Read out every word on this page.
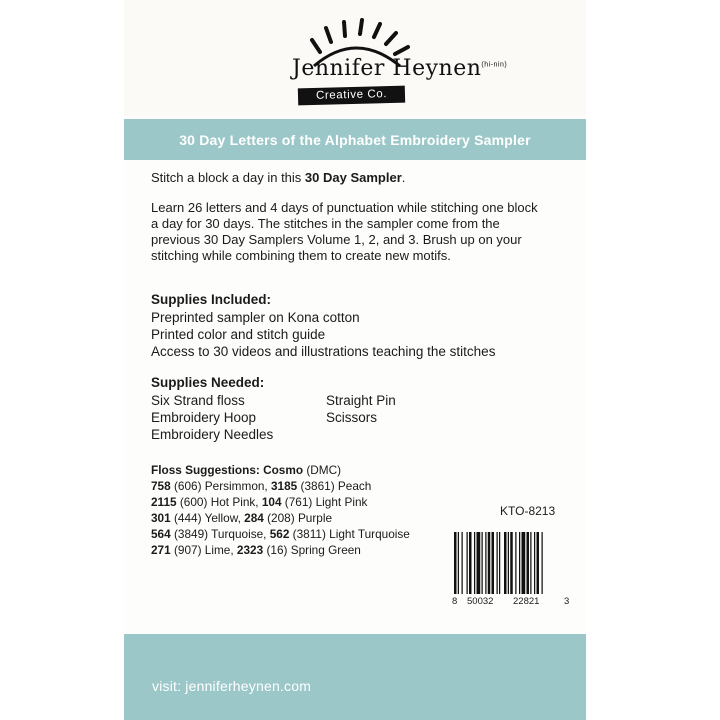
Jennifer Heynen$^{(hi-nin)}$
Creative Co.
30 Day Letters of the Alphabet Embroidery Sampler

Stitch a block a day in this 30 Day Sampler.

Learn 26 letters and 4 days of punctuation while stitching one block
a day for 30 days. The stitches in the sampler come from the
previous 30 Day Samplers Volume 1, 2, and 3. Brush up on your
stitching while combining them to create new motifs.
Supplies Included:
Preprinted sampler on Kona cotton
Printed color and stitch guide
Access to 30 videos and illustrations teaching the stitches
Supplies Needed:
Six Strand floss
Embroidery Hoop
Embroidery Needles
Straight Pin
Scissors
Floss Suggestions: Cosmo (DMC)
758 (606) Persimmon, 3185 (3861) Peach
2115 (600) Hot Pink, 104 (761) Light Pink
301 (444) Yellow, 284 (208) Purple
564 (3849) Turquoise, 562 (3811) Light Turquoise
271 (907) Lime, 2323 (16) Spring Green
KTO-8213
8 50032 22821	3
visit: jenniferheynen.com
